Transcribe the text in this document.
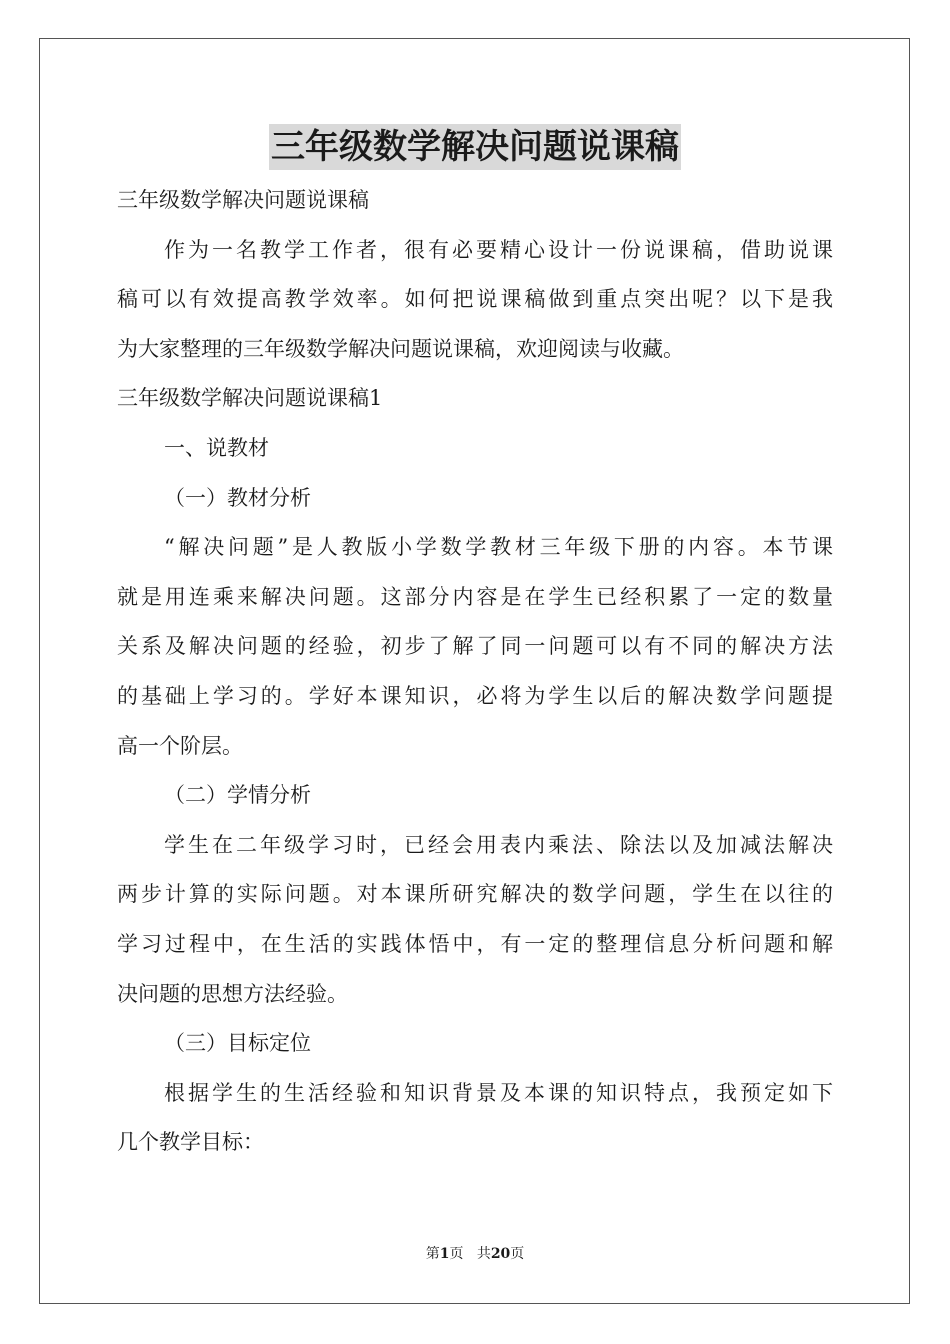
三年级数学解决问题说课稿
三年级数学解决问题说课稿
作为一名教学工作者，很有必要精心设计一份说课稿，借助说课
稿可以有效提高教学效率。如何把说课稿做到重点突出呢？以下是我
为大家整理的三年级数学解决问题说课稿，欢迎阅读与收藏。
三年级数学解决问题说课稿1
一、说教材
（一）教材分析
“解决问题”是人教版小学数学教材三年级下册的内容。本节课
就是用连乘来解决问题。这部分内容是在学生已经积累了一定的数量
关系及解决问题的经验，初步了解了同一问题可以有不同的解决方法
的基础上学习的。学好本课知识，必将为学生以后的解决数学问题提
高一个阶层。
（二）学情分析
学生在二年级学习时，已经会用表内乘法、除法以及加减法解决
两步计算的实际问题。对本课所研究解决的数学问题，学生在以往的
学习过程中，在生活的实践体悟中，有一定的整理信息分析问题和解
决问题的思想方法经验。
（三）目标定位
根据学生的生活经验和知识背景及本课的知识特点，我预定如下
几个教学目标：
第1页 共20页
